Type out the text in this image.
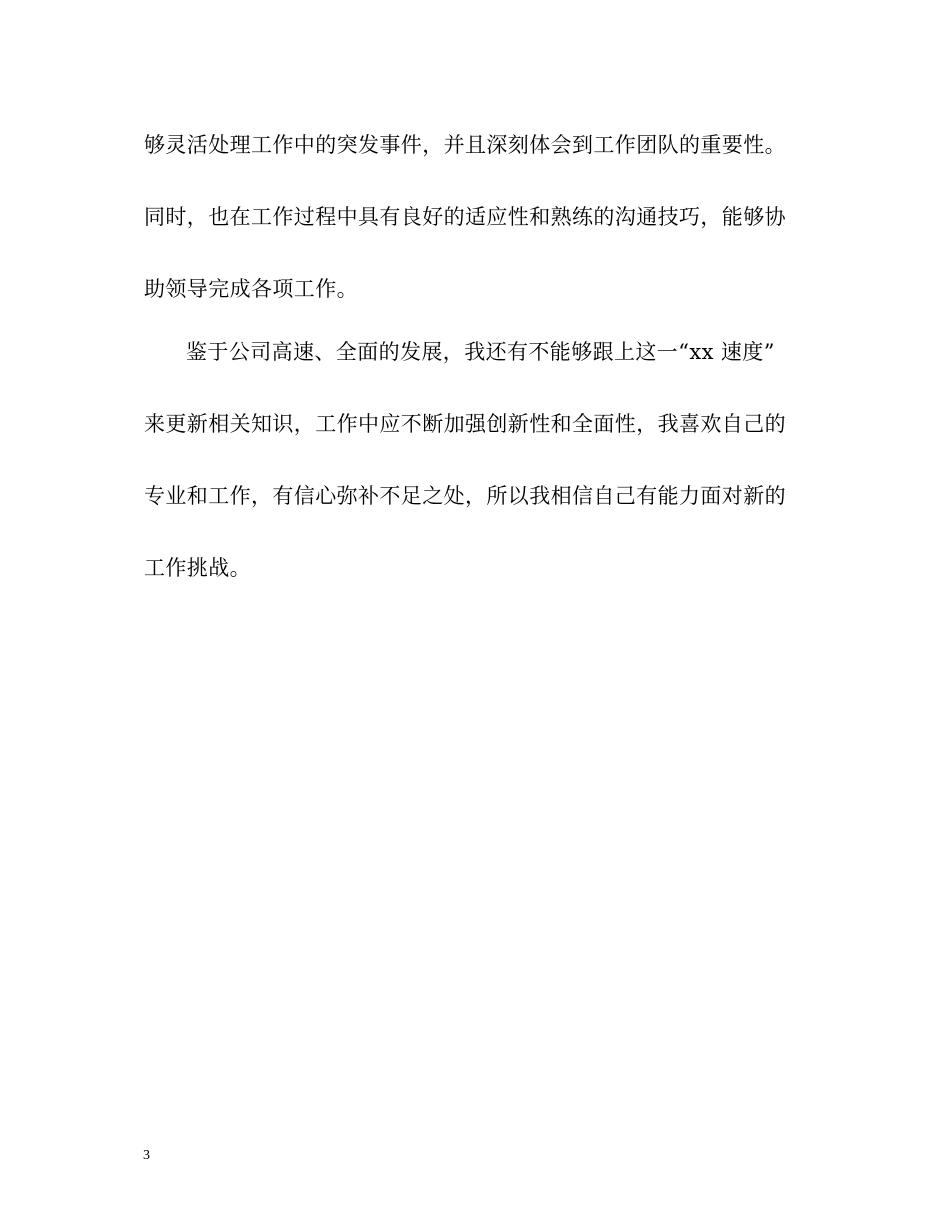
够灵活处理工作中的突发事件，并且深刻体会到工作团队的重要性。
同时，也在工作过程中具有良好的适应性和熟练的沟通技巧，能够协
助领导完成各项工作。
鉴于公司高速、全面的发展，我还有不能够跟上这一“xx 速度”
来更新相关知识，工作中应不断加强创新性和全面性，我喜欢自己的
专业和工作，有信心弥补不足之处，所以我相信自己有能力面对新的
工作挑战。
3
